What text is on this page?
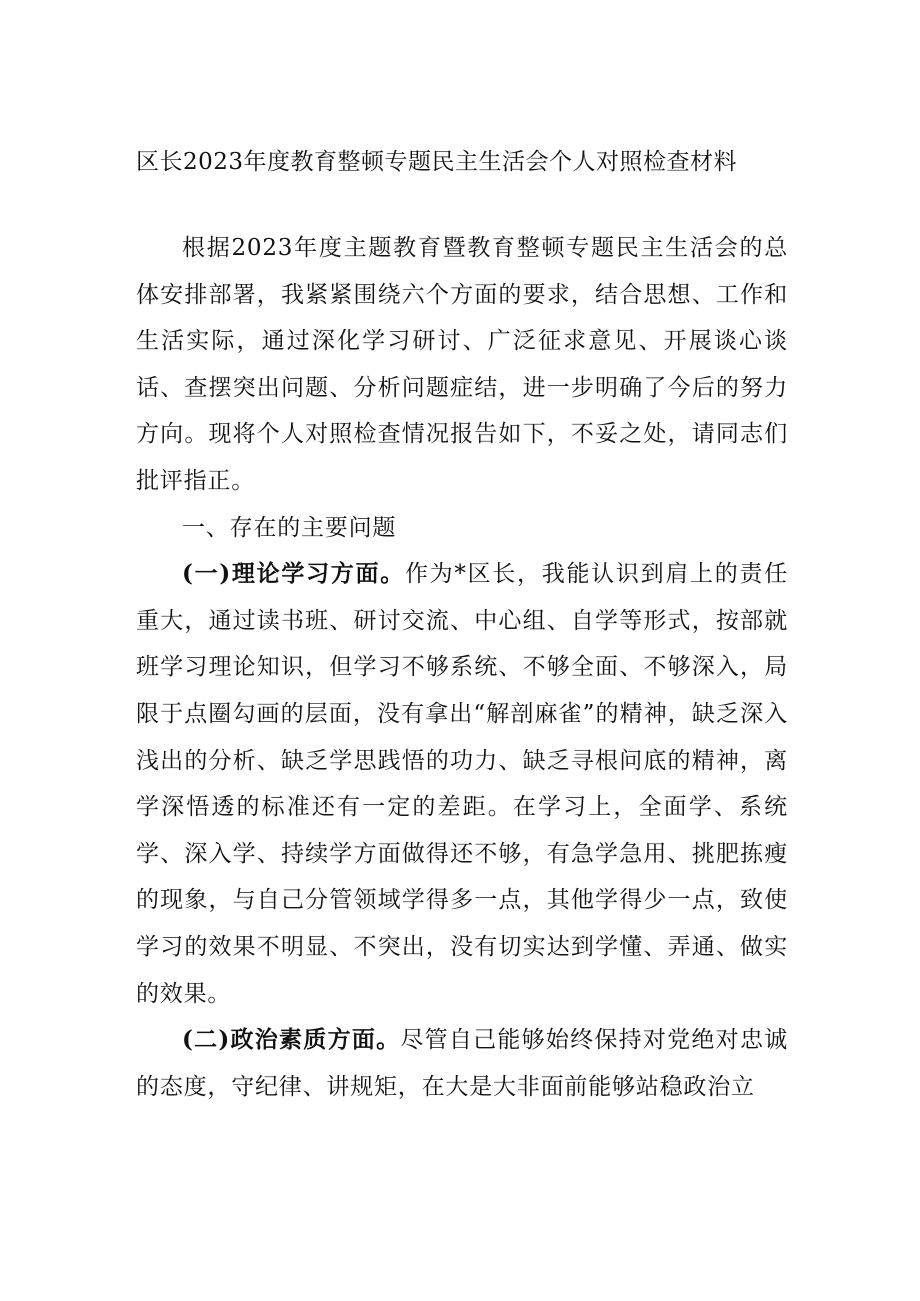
区长2023年度教育整顿专题民主生活会个人对照检查材料

根据2023年度主题教育暨教育整顿专题民主生活会的总体安排部署，我紧紧围绕六个方面的要求，结合思想、工作和生活实际，通过深化学习研讨、广泛征求意见、开展谈心谈话、查摆突出问题、分析问题症结，进一步明确了今后的努力方向。现将个人对照检查情况报告如下，不妥之处，请同志们批评指正。

一、存在的主要问题

(一)理论学习方面。作为*区长，我能认识到肩上的责任重大，通过读书班、研讨交流、中心组、自学等形式，按部就班学习理论知识，但学习不够系统、不够全面、不够深入，局限于点圈勾画的层面，没有拿出“解剖麻雀”的精神，缺乏深入浅出的分析、缺乏学思践悟的功力、缺乏寻根问底的精神，离学深悟透的标准还有一定的差距。在学习上，全面学、系统学、深入学、持续学方面做得还不够，有急学急用、挑肥拣瘦的现象，与自己分管领域学得多一点，其他学得少一点，致使学习的效果不明显、不突出，没有切实达到学懂、弄通、做实的效果。

(二)政治素质方面。尽管自己能够始终保持对党绝对忠诚的态度，守纪律、讲规矩，在大是大非面前能够站稳政治立
